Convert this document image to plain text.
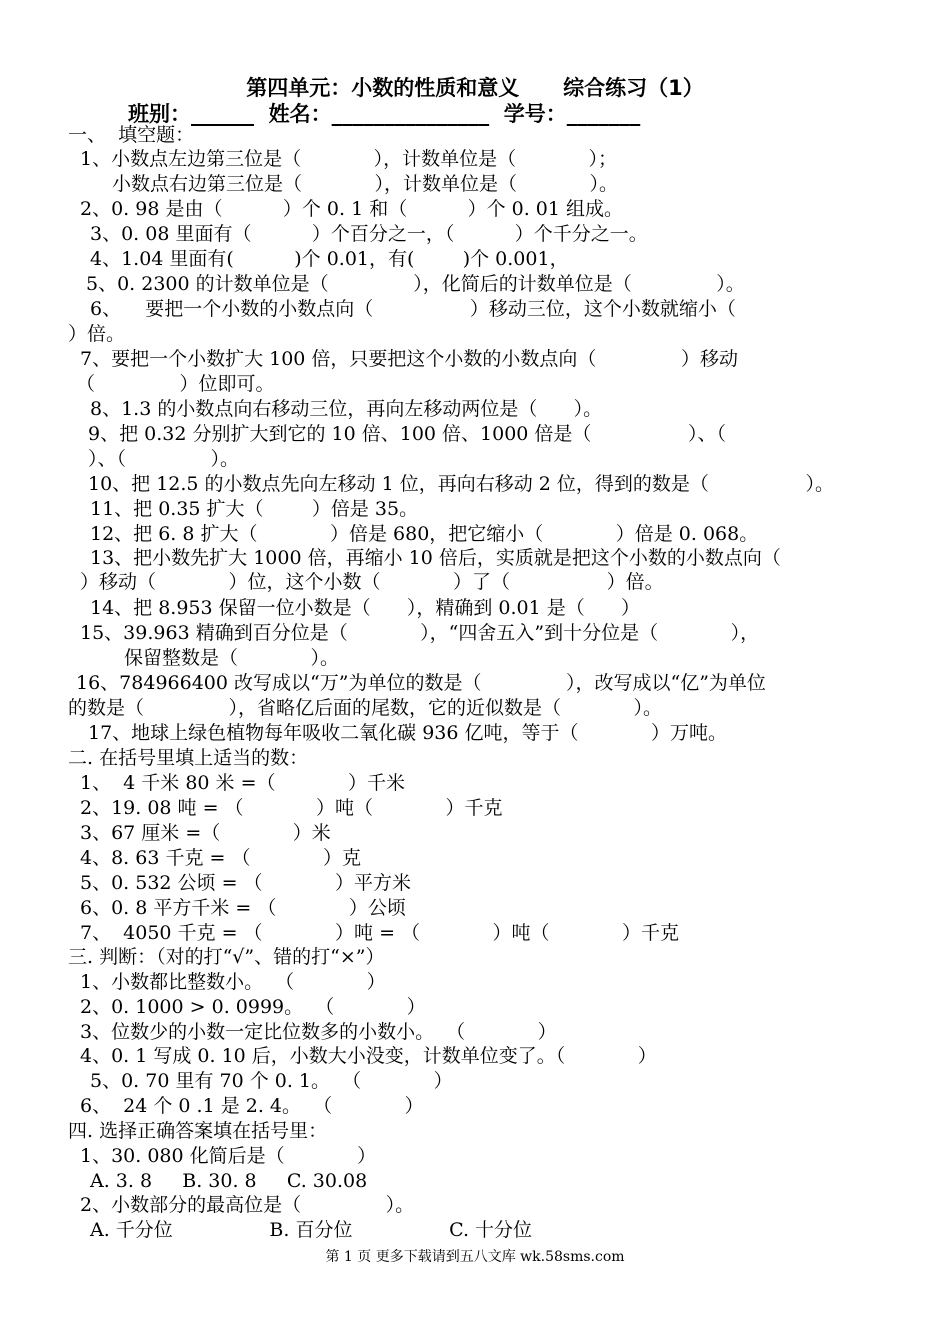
第四单元：小数的性质和意义      综合练习（1）
班别：______  姓名：_______________  学号：_______
一、  填空题：
1、小数点左边第三位是（            ），计数单位是（            ）；
小数点右边第三位是（            ），计数单位是（            ）。
2、0. 98 是由（          ）个 0. 1 和（          ）个 0. 01 组成。
3、0. 08 里面有（          ）个百分之一，（          ）个千分之一。
4、1.04 里面有(          )个 0.01，有(        )个 0.001，
5、0. 2300 的计数单位是（              ），化简后的计数单位是（              ）。
6、    要把一个小数的小数点向（                ）移动三位，这个小数就缩小（
）倍。
7、要把一个小数扩大 100 倍，只要把这个小数的小数点向（              ）移动
（              ）位即可。
8、1.3 的小数点向右移动三位，再向左移动两位是（      ）。
9、把 0.32 分别扩大到它的 10 倍、100 倍、1000 倍是（                ）、（
）、（              ）。
10、把 12.5 的小数点先向左移动 1 位，再向右移动 2 位，得到的数是（                ）。
11、把 0.35 扩大（        ）倍是 35。
12、把 6. 8 扩大（            ）倍是 680，把它缩小（            ）倍是 0. 068。
13、把小数先扩大 1000 倍，再缩小 10 倍后，实质就是把这个小数的小数点向（
）移动（            ）位，这个小数（            ）了（                ）倍。
14、把 8.953 保留一位小数是（      ），精确到 0.01 是（      ）
15、39.963 精确到百分位是（            ），“四舍五入”到十分位是（            ），
保留整数是（            ）。
16、784966400 改写成以“万”为单位的数是（              ），改写成以“亿”为单位
的数是（              ），省略亿后面的尾数，它的近似数是（            ）。
17、地球上绿色植物每年吸收二氧化碳 936 亿吨，等于（            ）万吨。
二. 在括号里填上适当的数：
1、  4 千米 80 米 =（            ）千米
2、19. 08 吨 = （            ）吨（            ）千克
3、67 厘米 =（            ）米
4、8. 63 千克 = （            ）克
5、0. 532 公顷 = （            ）平方米
6、0. 8 平方千米 = （            ）公顷
7、  4050 千克 = （            ）吨 = （            ）吨（            ）千克
三. 判断：（对的打“√”、错的打“×”）
1、小数都比整数小。  （            ）
2、0. 1000 > 0. 0999。  （            ）
3、位数少的小数一定比位数多的小数小。  （            ）
4、0. 1 写成 0. 10 后，小数大小没变，计数单位变了。（            ）
5、0. 70 里有 70 个 0. 1。  （            ）
6、  24 个 0 .1 是 2. 4。  （            ）
四. 选择正确答案填在括号里：
1、30. 080 化简后是（            ）
A. 3. 8     B. 30. 8     C. 30.08
2、小数部分的最高位是（              ）。
A. 千分位                B. 百分位                C. 十分位
第 1 页 更多下载请到五八文库 wk.58sms.com
